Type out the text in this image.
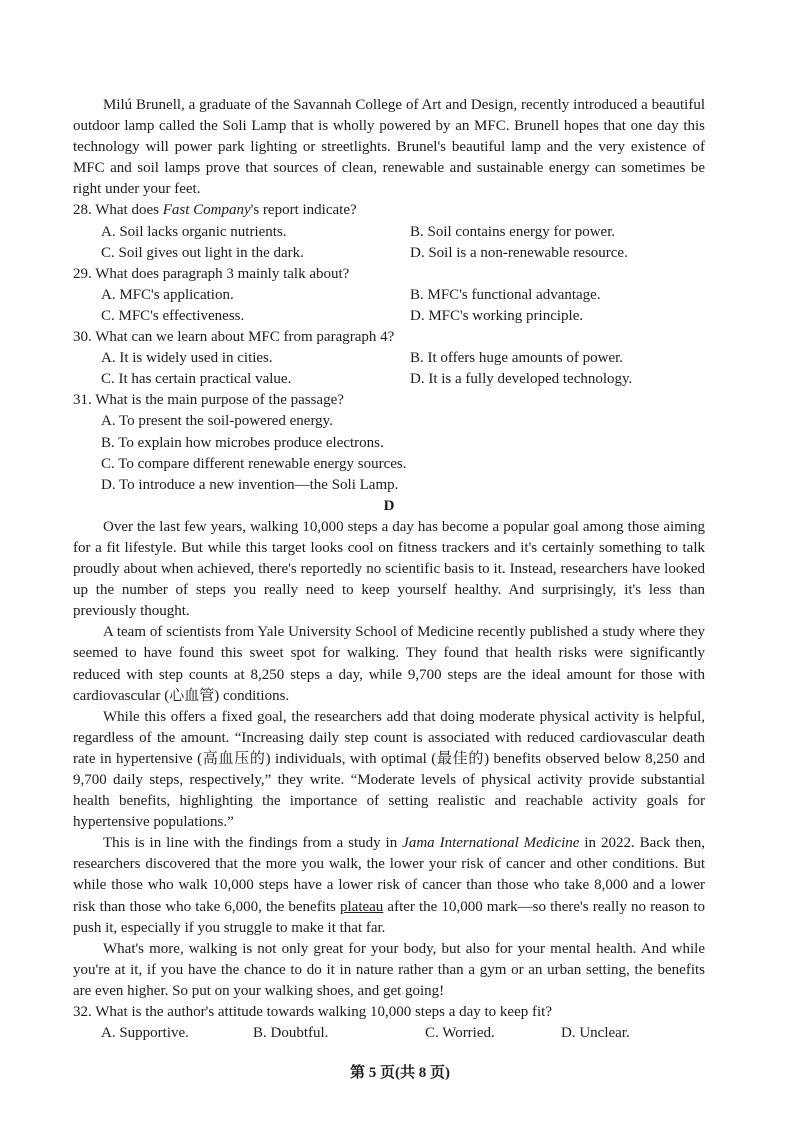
Milú Brunell, a graduate of the Savannah College of Art and Design, recently introduced a beautiful outdoor lamp called the Soli Lamp that is wholly powered by an MFC. Brunell hopes that one day this technology will power park lighting or streetlights. Brunel's beautiful lamp and the very existence of MFC and soil lamps prove that sources of clean, renewable and sustainable energy can sometimes be right under your feet.

28. What does Fast Company's report indicate?
A. Soil lacks organic nutrients.	B. Soil contains energy for power.
C. Soil gives out light in the dark.	D. Soil is a non-renewable resource.
29. What does paragraph 3 mainly talk about?
A. MFC's application.	B. MFC's functional advantage.
C. MFC's effectiveness.	D. MFC's working principle.
30. What can we learn about MFC from paragraph 4?
A. It is widely used in cities.	B. It offers huge amounts of power.
C. It has certain practical value.	D. It is a fully developed technology.
31. What is the main purpose of the passage?
A. To present the soil-powered energy.
B. To explain how microbes produce electrons.
C. To compare different renewable energy sources.
D. To introduce a new invention—the Soli Lamp.
D

Over the last few years, walking 10,000 steps a day has become a popular goal among those aiming for a fit lifestyle. But while this target looks cool on fitness trackers and it's certainly something to talk proudly about when achieved, there's reportedly no scientific basis to it. Instead, researchers have looked up the number of steps you really need to keep yourself healthy. And surprisingly, it's less than previously thought.

A team of scientists from Yale University School of Medicine recently published a study where they seemed to have found this sweet spot for walking. They found that health risks were significantly reduced with step counts at 8,250 steps a day, while 9,700 steps are the ideal amount for those with cardiovascular (心血管) conditions.

While this offers a fixed goal, the researchers add that doing moderate physical activity is helpful, regardless of the amount. “Increasing daily step count is associated with reduced cardiovascular death rate in hypertensive (高血压的) individuals, with optimal (最佳的) benefits observed below 8,250 and 9,700 daily steps, respectively,” they write. “Moderate levels of physical activity provide substantial health benefits, highlighting the importance of setting realistic and reachable activity goals for hypertensive populations.”

This is in line with the findings from a study in Jama International Medicine in 2022. Back then, researchers discovered that the more you walk, the lower your risk of cancer and other conditions. But while those who walk 10,000 steps have a lower risk of cancer than those who take 8,000 and a lower risk than those who take 6,000, the benefits plateau after the 10,000 mark—so there's really no reason to push it, especially if you struggle to make it that far.

What's more, walking is not only great for your body, but also for your mental health. And while you're at it, if you have the chance to do it in nature rather than a gym or an urban setting, the benefits are even higher. So put on your walking shoes, and get going!

32. What is the author's attitude towards walking 10,000 steps a day to keep fit?
A. Supportive.	B. Doubtful.	C. Worried.	D. Unclear.
第 5 页(共 8 页)
